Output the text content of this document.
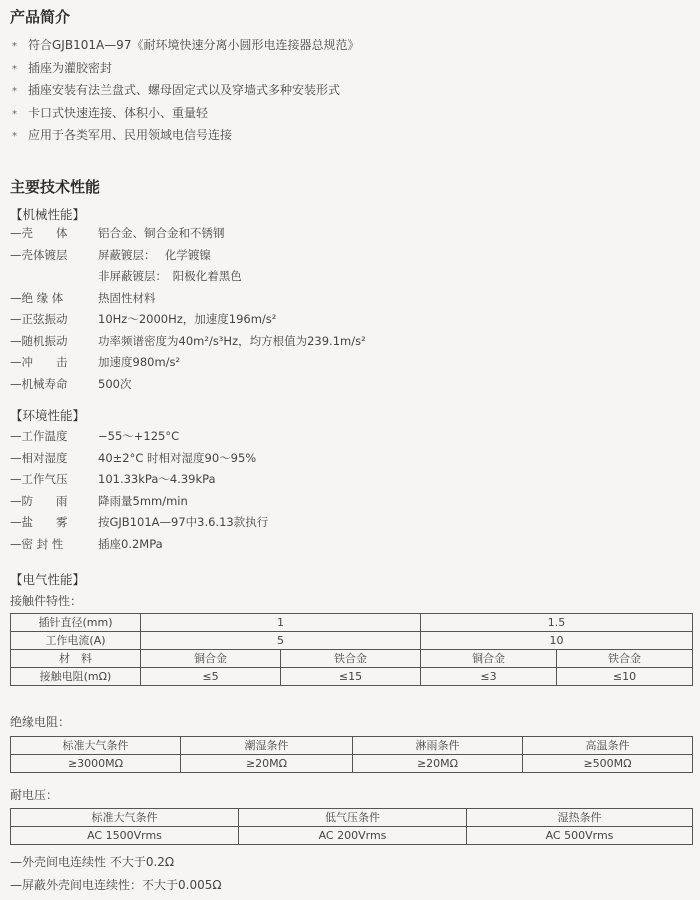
产品简介
* 符合GJB101A—97《耐环境快速分离小圆形电连接器总规范》
* 插座为灌胶密封
* 插座安装有法兰盘式、螺母固定式以及穿墙式多种安装形式
* 卡口式快速连接、体积小、重量轻
* 应用于各类军用、民用领域电信号连接
主要技术性能
【机械性能】
—壳　　体	铝合金、铜合金和不锈钢
—壳体镀层	屏蔽镀层：　 化学镀镍
非屏蔽镀层：　阳极化着黑色
—绝 缘 体	热固性材料
—正弦振动	10Hz～2000Hz，加速度196m/s²
—随机振动	功率频谱密度为40m²/s³Hz，均方根值为239.1m/s²
—冲　　击	加速度980m/s²
—机械寿命	500次
【环境性能】
—工作温度	−55～+125°C
—相对湿度	40±2°C 时相对湿度90～95%
—工作气压	101.33kPa～4.39kPa
—防　　雨	降雨量5mm/min
—盐　　雾	按GJB101A—97中3.6.13款执行
—密 封 性	插座0.2MPa
【电气性能】
接触件特性：
插针直径(mm)	1		1.5	
工作电流(A)	5		10	
材　料	铜合金	铁合金	铜合金	铁合金
接触电阻(mΩ)	≤5	≤15	≤3	≤10
绝缘电阻：
标准大气条件	潮湿条件	淋雨条件	高温条件
≥3000MΩ	≥20MΩ	≥20MΩ	≥500MΩ
耐电压：
标准大气条件	低气压条件	湿热条件
AC 1500Vrms	AC 200Vrms	AC 500Vrms
—外壳间电连续性 不大于0.2Ω
—屏蔽外壳间电连续性：不大于0.005Ω
